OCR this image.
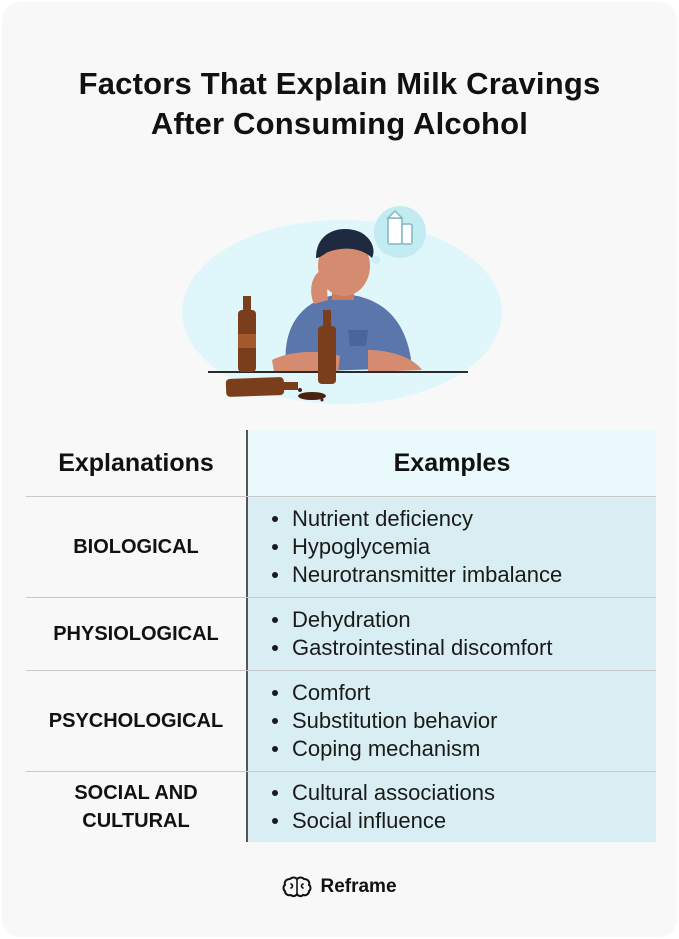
Factors That Explain Milk Cravings
After Consuming Alcohol
Explanations	Examples
BIOLOGICAL
Nutrient deficiency
Hypoglycemia
Neurotransmitter imbalance
PHYSIOLOGICAL
Dehydration
Gastrointestinal discomfort
PSYCHOLOGICAL
Comfort
Substitution behavior
Coping mechanism
SOCIAL AND
CULTURAL
Cultural associations
Social influence
Reframe
